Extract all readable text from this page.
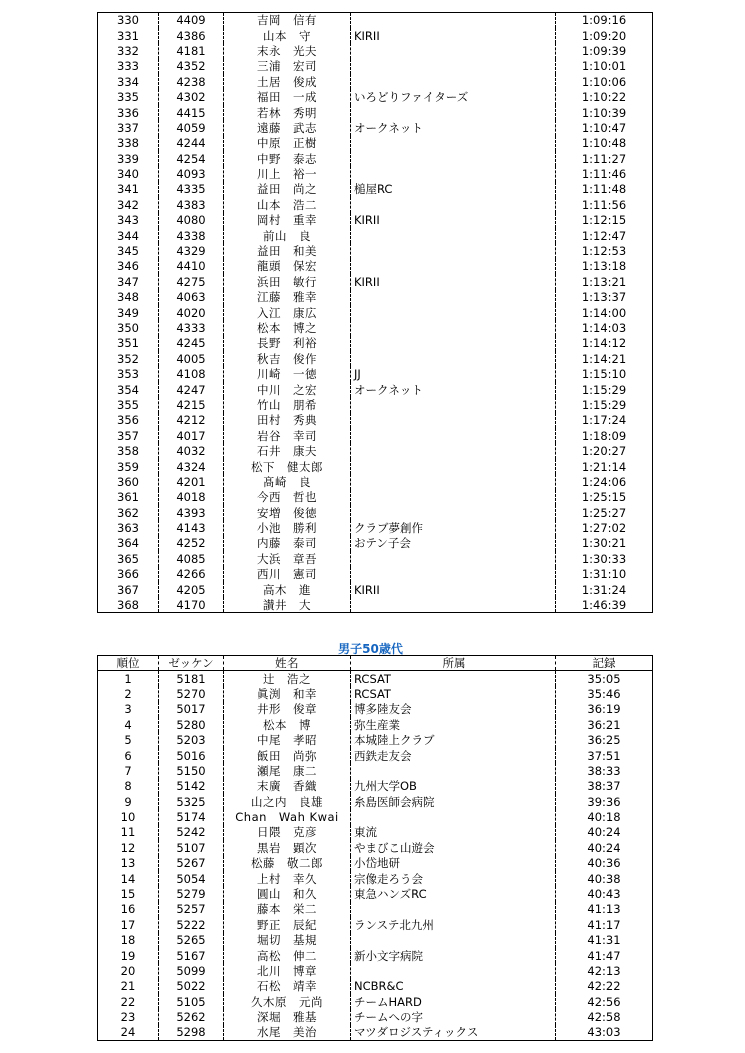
330	4409	吉岡　信有		1:09:16
331	4386	山本　守	KIRII	1:09:20
332	4181	末永　光夫		1:09:39
333	4352	三浦　宏司		1:10:01
334	4238	土居　俊成		1:10:06
335	4302	福田　一成	いろどりファイターズ	1:10:22
336	4415	若林　秀明		1:10:39
337	4059	遠藤　武志	オークネット	1:10:47
338	4244	中原　正樹		1:10:48
339	4254	中野　泰志		1:11:27
340	4093	川上　裕一		1:11:46
341	4335	益田　尚之	槌屋RC	1:11:48
342	4383	山本　浩二		1:11:56
343	4080	岡村　重幸	KIRII	1:12:15
344	4338	前山　良		1:12:47
345	4329	益田　和美		1:12:53
346	4410	龍頭　保宏		1:13:18
347	4275	浜田　敏行	KIRII	1:13:21
348	4063	江藤　雅幸		1:13:37
349	4020	入江　康広		1:14:00
350	4333	松本　博之		1:14:03
351	4245	長野　利裕		1:14:12
352	4005	秋吉　俊作		1:14:21
353	4108	川崎　一徳	JJ	1:15:10
354	4247	中川　之宏	オークネット	1:15:29
355	4215	竹山　朋希		1:15:29
356	4212	田村　秀典		1:17:24
357	4017	岩谷　幸司		1:18:09
358	4032	石井　康夫		1:20:27
359	4324	松下　健太郎		1:21:14
360	4201	髙崎　良		1:24:06
361	4018	今西　哲也		1:25:15
362	4393	安増　俊徳		1:25:27
363	4143	小池　勝利	クラブ夢創作	1:27:02
364	4252	内藤　泰司	おテン子会	1:30:21
365	4085	大浜　章吾		1:30:33
366	4266	西川　憲司		1:31:10
367	4205	高木　進	KIRII	1:31:24
368	4170	讃井　大		1:46:39
男子50歳代
順位	ゼッケン	姓名	所属	記録
1	5181	辻　浩之	RCSAT	35:05
2	5270	眞渕　和幸	RCSAT	35:46
3	5017	井形　俊章	博多陸友会	36:19
4	5280	松本　博	弥生産業	36:21
5	5203	中尾　孝昭	本城陸上クラブ	36:25
6	5016	飯田　尚弥	西鉄走友会	37:51
7	5150	瀬尾　康二		38:33
8	5142	末廣　香織	九州大学OB	38:37
9	5325	山之内　良雄	糸島医師会病院	39:36
10	5174	Chan　Wah Kwai		40:18
11	5242	日隈　克彦	東流	40:24
12	5107	黒岩　顕次	やまびこ山遊会	40:24
13	5267	松藤　敬二郎	小岱地研	40:36
14	5054	上村　幸久	宗像走ろう会	40:38
15	5279	圓山　和久	東急ハンズRC	40:43
16	5257	藤本　栄二		41:13
17	5222	野正　辰紀	ランステ北九州	41:17
18	5265	堀切　基規		41:31
19	5167	高松　伸二	新小文字病院	41:47
20	5099	北川　博章		42:13
21	5022	石松　靖幸	NCBR&C	42:22
22	5105	久木原　元尚	チームHARD	42:56
23	5262	深堀　雅基	チームへの字	42:58
24	5298	水尾　美治	マツダロジスティックス	43:03
